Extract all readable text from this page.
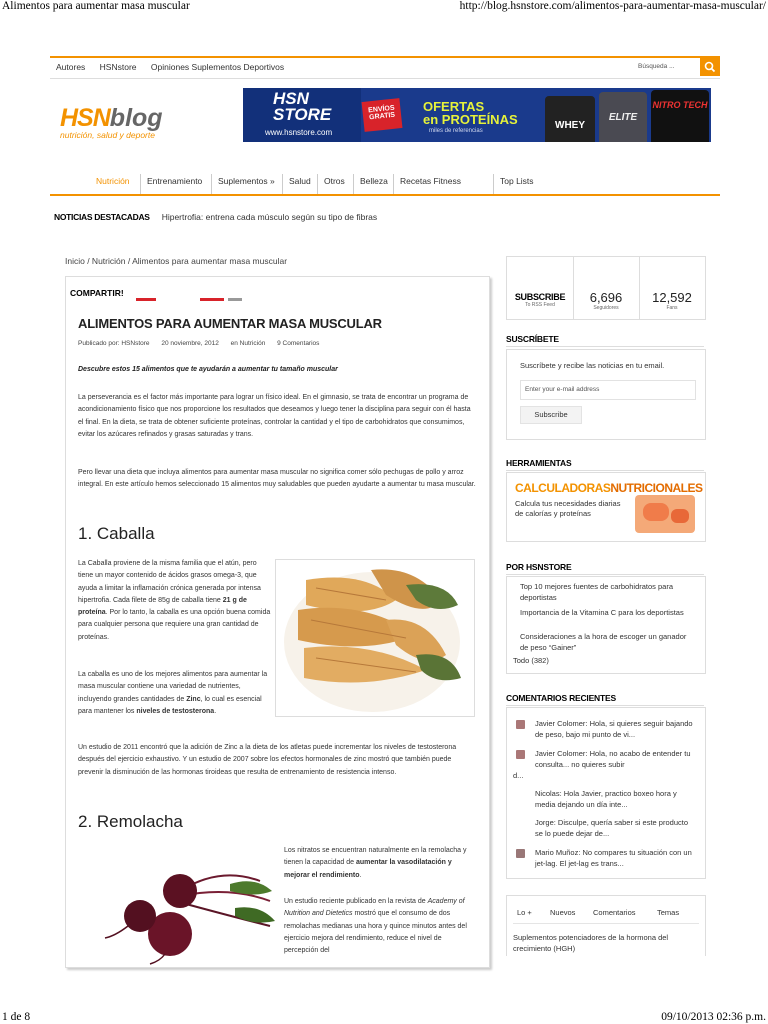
Alimentos para aumentar masa muscular	http://blog.hsnstore.com/alimentos-para-aumentar-masa-muscular/
Autores HSNstore Opiniones Suplementos Deportivos	Búsqueda ...
HSNblog
nutrición, salud y deporte
HSN
STORE
www.hsnstore.com
ENVÍOS
GRATIS
OFERTAS
en PROTEÍNAS
miles de referencias	WHEY
ELITE
NITRO TECH
Nutrición	Entrenamiento	Suplementos »	Salud	Otros	Belleza	Recetas Fitness	Top Lists
NOTICIAS DESTACADAS Hipertrofia: entrena cada músculo según su tipo de fibras
Inicio / Nutrición / Alimentos para aumentar masa muscular
COMPARTIR!
ALIMENTOS PARA AUMENTAR MASA MUSCULAR
Publicado por: HSNstore 20 noviembre, 2012 en Nutrición 9 Comentarios
Descubre estos 15 alimentos que te ayudarán a aumentar tu tamaño muscular
La perseverancia es el factor más importante para lograr un físico ideal. En el gimnasio, se trata de encontrar un programa de acondicionamiento físico que nos proporcione los resultados que deseamos y luego tener la disciplina para seguir con él hasta el final. En la dieta, se trata de obtener suficiente proteínas, controlar la cantidad y el tipo de carbohidratos que consumimos, evitar los azúcares refinados y grasas saturadas y trans.
Pero llevar una dieta que incluya alimentos para aumentar masa muscular no significa comer sólo pechugas de pollo y arroz integral. En este artículo hemos seleccionado 15 alimentos muy saludables que pueden ayudarte a aumentar tu masa muscular.
1. Caballa
La Caballa proviene de la misma familia que el atún, pero tiene un mayor contenido de ácidos grasos omega-3, que ayuda a limitar la inflamación crónica generada por intensa hipertrofia. Cada filete de 85g de caballa tiene 21 g de proteína. Por lo tanto, la caballa es una opción buena comida para cualquier persona que requiere una gran cantidad de proteínas.
La caballa es uno de los mejores alimentos para aumentar la masa muscular contiene una variedad de nutrientes, incluyendo grandes cantidades de Zinc, lo cual es esencial para mantener los niveles de testosterona.
Un estudio de 2011 encontró que la adición de Zinc a la dieta de los atletas puede incrementar los niveles de testosterona después del ejercicio exhaustivo. Y un estudio de 2007 sobre los efectos hormonales de zinc mostró que también puede prevenir la disminución de las hormonas tiroideas que resulta de entrenamiento de resistencia intenso.
2. Remolacha
Los nitratos se encuentran naturalmente en la remolacha y tienen la capacidad de aumentar la vasodilatación y mejorar el rendimiento.
Un estudio reciente publicado en la revista de Academy of Nutrition and Dietetics mostró que el consumo de dos remolachas medianas una hora y quince minutos antes del ejercicio mejora del rendimiento, reduce el nivel de percepción del
SUBSCRIBE
To RSS Feed	6,696
Seguidores
12,592
Fans
SUSCRÍBETE
Suscríbete y recibe las noticias en tu email.
Enter your e-mail address
Subscribe
HERRAMIENTAS
CALCULADORASNUTRICIONALES
Calcula tus necesidades diarias de calorías y proteínas
POR HSNSTORE
Top 10 mejores fuentes de carbohidratos para deportistas
Importancia de la Vitamina C para los deportistas
Consideraciones a la hora de escoger un ganador de peso “Gainer”
Todo (382)
COMENTARIOS RECIENTES
Javier Colomer: Hola, si quieres seguir bajando de peso, bajo mi punto de vi...
Javier Colomer: Hola, no acabo de entender tu consulta... no quieres subir
d...
Nicolas: Hola Javier, practico boxeo hora y media dejando un día inte...
Jorge: Disculpe, quería saber si este producto se lo puede dejar de...
Mario Muñoz: No compares tu situación con un jet-lag. El jet-lag es trans...
Lo + Nuevos Comentarios	Temas
Suplementos potenciadores de la hormona del crecimiento (HGH)
1 de 8	09/10/2013 02:36 p.m.
